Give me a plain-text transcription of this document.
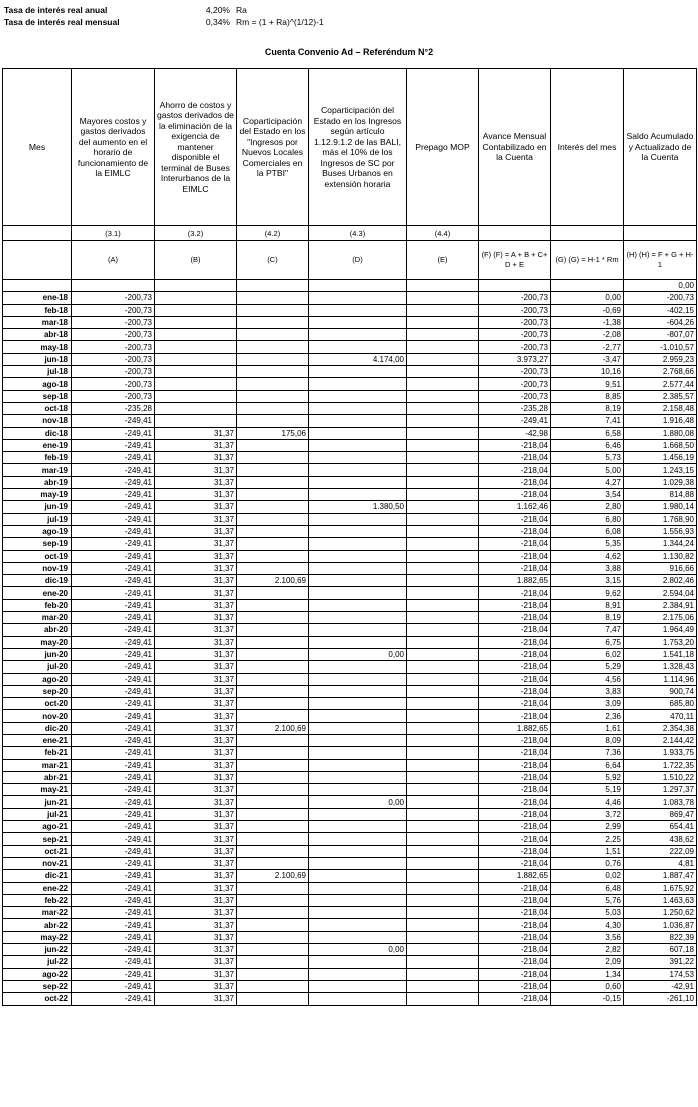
Tasa de interés real anual	4,20% Ra
Tasa de interés real mensual	0,34% Rm = (1 + Ra)^(1/12)-1
Cuenta Convenio Ad – Referéndum N°2
Mes	Mayores costos y gastos derivados del aumento en el horario de funcionamiento de la EIMLC	Ahorro de costos y gastos derivados de la eliminación de la exigencia de mantener disponible el terminal de Buses Interurbanos de la EIMLC	Coparticipación del Estado en los "Ingresos por Nuevos Locales Comerciales en la PTBI"	Coparticipación del Estado en los Ingresos según artículo 1.12.9.1.2 de las BALI, más el 10% de los Ingresos de SC por Buses Urbanos en extensión horaria	Prepago MOP	Avance Mensual Contabilizado en la Cuenta	Interés del mes	Saldo Acumulado y Actualizado de la Cuenta
	(3.1)	(3.2)	(4.2)	(4.3)	(4.4)			
	(A)	(B)	(C)	(D)	(E)	(F) (F) = A + B + C+ D + E	(G) (G) = H-1 * Rm	(H) (H) = F + G + H-1
								0,00
ene-18	-200,73					-200,73	0,00	-200,73
feb-18	-200,73					-200,73	-0,69	-402,15
mar-18	-200,73					-200,73	-1,38	-604,26
abr-18	-200,73					-200,73	-2,08	-807,07
may-18	-200,73					-200,73	-2,77	-1.010,57
jun-18	-200,73			4.174,00		3.973,27	-3,47	2.959,23
jul-18	-200,73					-200,73	10,16	2.768,66
ago-18	-200,73					-200,73	9,51	2.577,44
sep-18	-200,73					-200,73	8,85	2.385,57
oct-18	-235,28					-235,28	8,19	2.158,48
nov-18	-249,41					-249,41	7,41	1.916,48
dic-18	-249,41	31,37	175,06			-42,98	6,58	1.880,08
ene-19	-249,41	31,37				-218,04	6,46	1.668,50
feb-19	-249,41	31,37				-218,04	5,73	1.456,19
mar-19	-249,41	31,37				-218,04	5,00	1.243,15
abr-19	-249,41	31,37				-218,04	4,27	1.029,38
may-19	-249,41	31,37				-218,04	3,54	814,88
jun-19	-249,41	31,37		1.380,50		1.162,46	2,80	1.980,14
jul-19	-249,41	31,37				-218,04	6,80	1.768,90
ago-19	-249,41	31,37				-218,04	6,08	1.556,93
sep-19	-249,41	31,37				-218,04	5,35	1.344,24
oct-19	-249,41	31,37				-218,04	4,62	1.130,82
nov-19	-249,41	31,37				-218,04	3,88	916,66
dic-19	-249,41	31,37	2.100,69			1.882,65	3,15	2.802,46
ene-20	-249,41	31,37				-218,04	9,62	2.594,04
feb-20	-249,41	31,37				-218,04	8,91	2.384,91
mar-20	-249,41	31,37				-218,04	8,19	2.175,06
abr-20	-249,41	31,37				-218,04	7,47	1.964,49
may-20	-249,41	31,37				-218,04	6,75	1.753,20
jun-20	-249,41	31,37		0,00		-218,04	6,02	1.541,18
jul-20	-249,41	31,37				-218,04	5,29	1.328,43
ago-20	-249,41	31,37				-218,04	4,56	1.114,96
sep-20	-249,41	31,37				-218,04	3,83	900,74
oct-20	-249,41	31,37				-218,04	3,09	685,80
nov-20	-249,41	31,37				-218,04	2,36	470,11
dic-20	-249,41	31,37	2.100,69			1.882,65	1,61	2.354,38
ene-21	-249,41	31,37				-218,04	8,09	2.144,42
feb-21	-249,41	31,37				-218,04	7,36	1.933,75
mar-21	-249,41	31,37				-218,04	6,64	1.722,35
abr-21	-249,41	31,37				-218,04	5,92	1.510,22
may-21	-249,41	31,37				-218,04	5,19	1.297,37
jun-21	-249,41	31,37		0,00		-218,04	4,46	1.083,78
jul-21	-249,41	31,37				-218,04	3,72	869,47
ago-21	-249,41	31,37				-218,04	2,99	654,41
sep-21	-249,41	31,37				-218,04	2,25	438,62
oct-21	-249,41	31,37				-218,04	1,51	222,09
nov-21	-249,41	31,37				-218,04	0,76	4,81
dic-21	-249,41	31,37	2.100,69			1.882,65	0,02	1.887,47
ene-22	-249,41	31,37				-218,04	6,48	1.675,92
feb-22	-249,41	31,37				-218,04	5,76	1.463,63
mar-22	-249,41	31,37				-218,04	5,03	1.250,62
abr-22	-249,41	31,37				-218,04	4,30	1.036,87
may-22	-249,41	31,37				-218,04	3,56	822,39
jun-22	-249,41	31,37		0,00		-218,04	2,82	607,18
jul-22	-249,41	31,37				-218,04	2,09	391,22
ago-22	-249,41	31,37				-218,04	1,34	174,53
sep-22	-249,41	31,37				-218,04	0,60	-42,91
oct-22	-249,41	31,37				-218,04	-0,15	-261,10
